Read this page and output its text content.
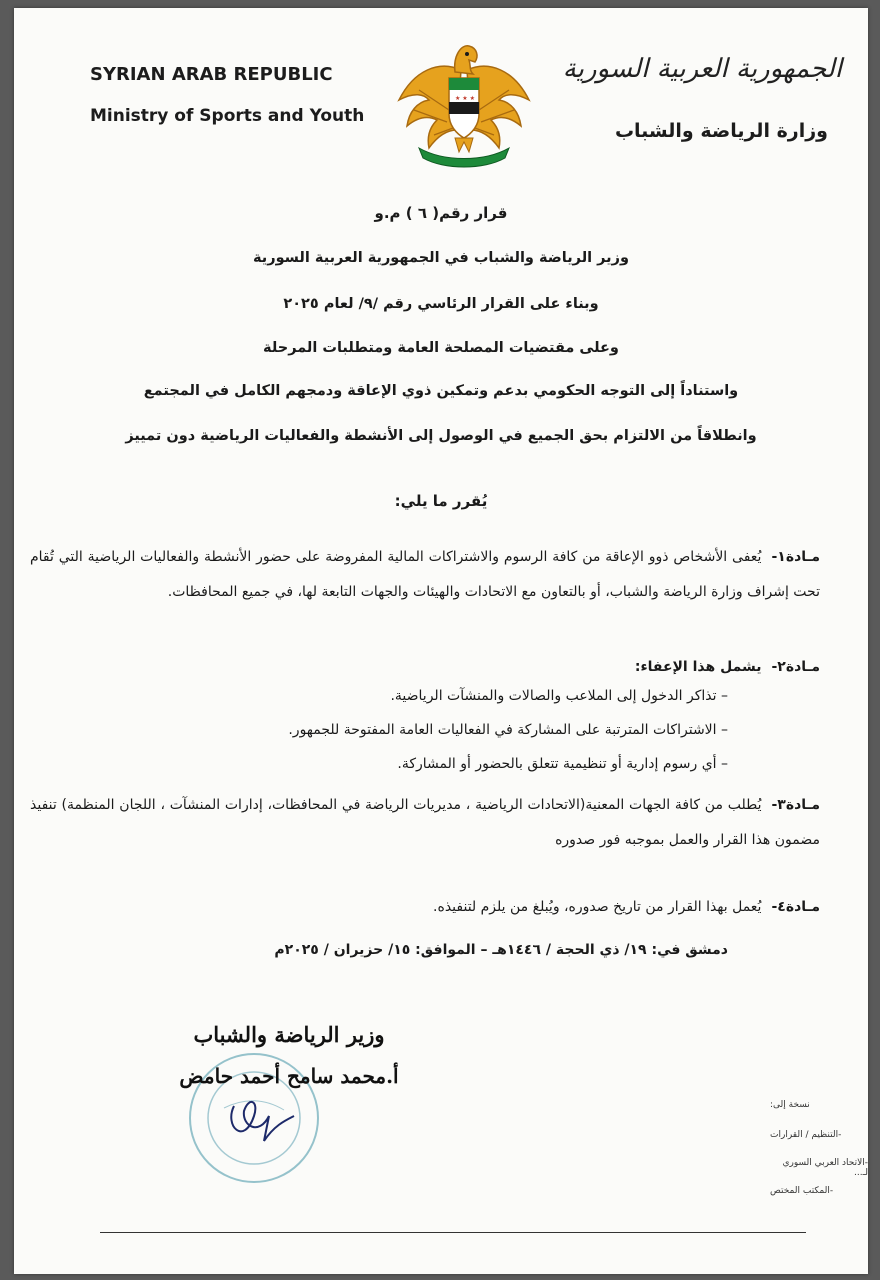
SYRIAN ARAB REPUBLIC
Ministry of Sports and Youth
الجمهورية العربية السورية
وزارة الرياضة والشباب
★ ★ ★
قرار رقم( ٦ ) م.و
وزير الرياضة والشباب في الجمهورية العربية السورية
وبناء على القرار الرئاسي رقم /٩/ لعام ٢٠٢٥
وعلى مقتضيات المصلحة العامة ومتطلبات المرحلة
واستناداً إلى التوجه الحكومي بدعم وتمكين ذوي الإعاقة ودمجهم الكامل في المجتمع
وانطلاقاً من الالتزام بحق الجميع في الوصول إلى الأنشطة والفعاليات الرياضية دون تمييز
يُقرر ما يلي:
مـادة١-يُعفى الأشخاص ذوو الإعاقة من كافة الرسوم والاشتراكات المالية المفروضة على حضور الأنشطة والفعاليات الرياضية التي تُقام تحت إشراف وزارة الرياضة والشباب، أو بالتعاون مع الاتحادات والهيئات والجهات التابعة لها، في جميع المحافظات.
مـادة٢-يشمل هذا الإعفاء:
– تذاكر الدخول إلى الملاعب والصالات والمنشآت الرياضية.
– الاشتراكات المترتبة على المشاركة في الفعاليات العامة المفتوحة للجمهور.
– أي رسوم إدارية أو تنظيمية تتعلق بالحضور أو المشاركة.
مـادة٣-يُطلب من كافة الجهات المعنية(الاتحادات الرياضية ، مديريات الرياضة في المحافظات، إدارات المنشآت ، اللجان المنظمة) تنفيذ مضمون هذا القرار والعمل بموجبه فور صدوره
مـادة٤-يُعمل بهذا القرار من تاريخ صدوره، ويُبلغ من يلزم لتنفيذه.
دمشق في: ١٩/ ذي الحجة / ١٤٤٦هـ – الموافق: ١٥/ حزيران / ٢٠٢٥م
وزير الرياضة والشباب
أ.محمد سامح أحمد حامض
نسخة إلى:
-التنظيم / القرارات
-الاتحاد العربي السوري لـ...
-المكتب المختص
